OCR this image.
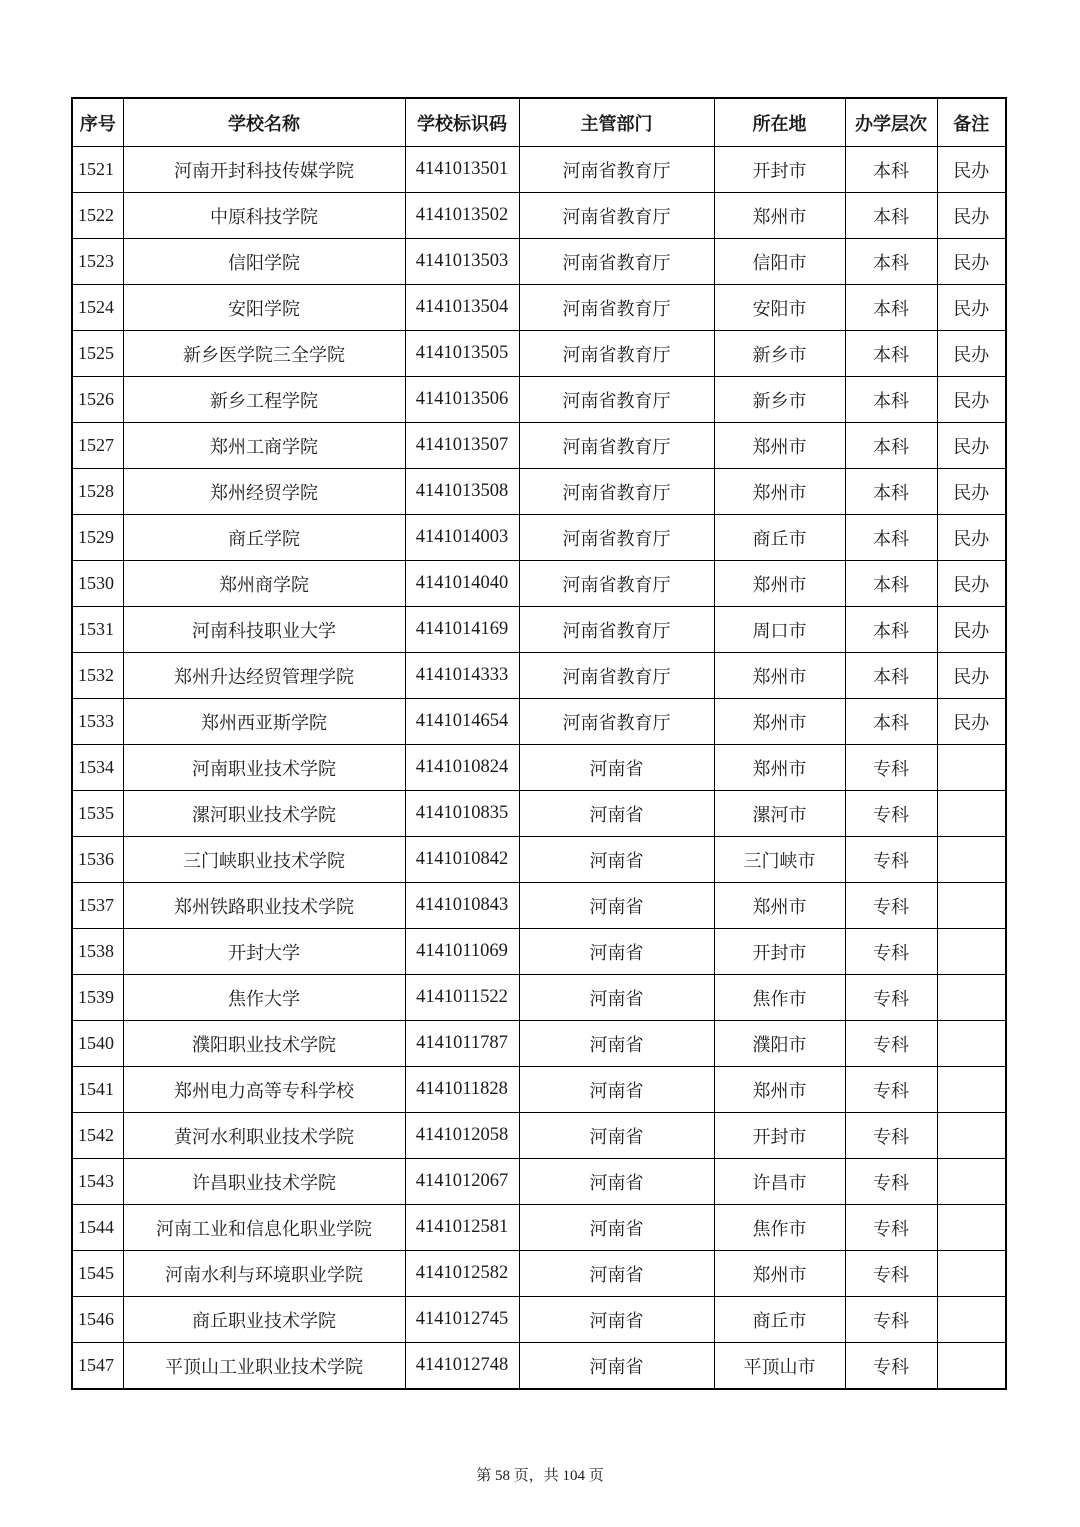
序号	学校名称	学校标识码	主管部门	所在地	办学层次	备注
1521	河南开封科技传媒学院	4141013501	河南省教育厅	开封市	本科	民办
1522	中原科技学院	4141013502	河南省教育厅	郑州市	本科	民办
1523	信阳学院	4141013503	河南省教育厅	信阳市	本科	民办
1524	安阳学院	4141013504	河南省教育厅	安阳市	本科	民办
1525	新乡医学院三全学院	4141013505	河南省教育厅	新乡市	本科	民办
1526	新乡工程学院	4141013506	河南省教育厅	新乡市	本科	民办
1527	郑州工商学院	4141013507	河南省教育厅	郑州市	本科	民办
1528	郑州经贸学院	4141013508	河南省教育厅	郑州市	本科	民办
1529	商丘学院	4141014003	河南省教育厅	商丘市	本科	民办
1530	郑州商学院	4141014040	河南省教育厅	郑州市	本科	民办
1531	河南科技职业大学	4141014169	河南省教育厅	周口市	本科	民办
1532	郑州升达经贸管理学院	4141014333	河南省教育厅	郑州市	本科	民办
1533	郑州西亚斯学院	4141014654	河南省教育厅	郑州市	本科	民办
1534	河南职业技术学院	4141010824	河南省	郑州市	专科	
1535	漯河职业技术学院	4141010835	河南省	漯河市	专科	
1536	三门峡职业技术学院	4141010842	河南省	三门峡市	专科	
1537	郑州铁路职业技术学院	4141010843	河南省	郑州市	专科	
1538	开封大学	4141011069	河南省	开封市	专科	
1539	焦作大学	4141011522	河南省	焦作市	专科	
1540	濮阳职业技术学院	4141011787	河南省	濮阳市	专科	
1541	郑州电力高等专科学校	4141011828	河南省	郑州市	专科	
1542	黄河水利职业技术学院	4141012058	河南省	开封市	专科	
1543	许昌职业技术学院	4141012067	河南省	许昌市	专科	
1544	河南工业和信息化职业学院	4141012581	河南省	焦作市	专科	
1545	河南水利与环境职业学院	4141012582	河南省	郑州市	专科	
1546	商丘职业技术学院	4141012745	河南省	商丘市	专科	
1547	平顶山工业职业技术学院	4141012748	河南省	平顶山市	专科	
第 58 页，共 104 页
